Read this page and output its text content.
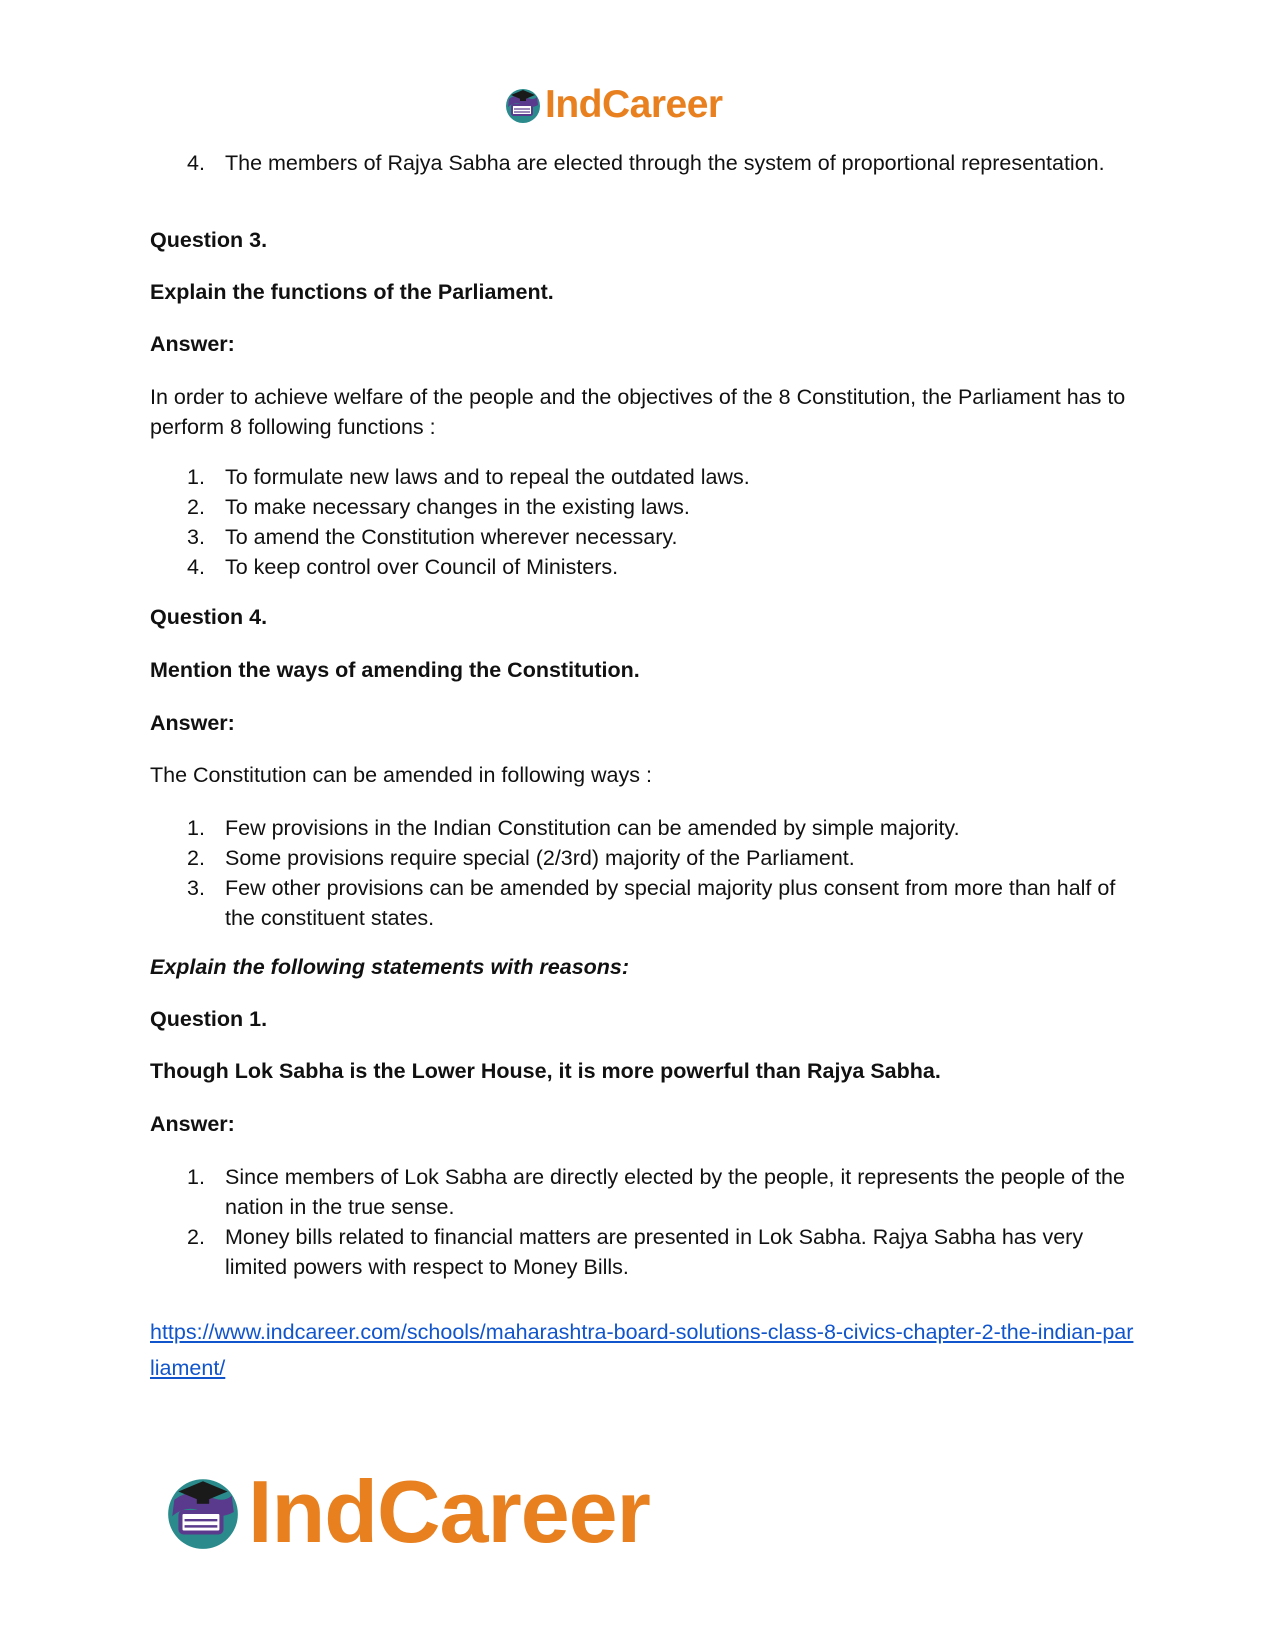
IndCareer
4. The members of Rajya Sabha are elected through the system of proportional representation.
Question 3.
Explain the functions of the Parliament.
Answer:
In order to achieve welfare of the people and the objectives of the 8 Constitution, the Parliament has to perform 8 following functions :
1. To formulate new laws and to repeal the outdated laws.
2. To make necessary changes in the existing laws.
3. To amend the Constitution wherever necessary.
4. To keep control over Council of Ministers.
Question 4.
Mention the ways of amending the Constitution.
Answer:
The Constitution can be amended in following ways :
1. Few provisions in the Indian Constitution can be amended by simple majority.
2. Some provisions require special (2/3rd) majority of the Parliament.
3. Few other provisions can be amended by special majority plus consent from more than half of the constituent states.
Explain the following statements with reasons:
Question 1.
Though Lok Sabha is the Lower House, it is more powerful than Rajya Sabha.
Answer:
1. Since members of Lok Sabha are directly elected by the people, it represents the people of the nation in the true sense.
2. Money bills related to financial matters are presented in Lok Sabha. Rajya Sabha has very limited powers with respect to Money Bills.
https://www.indcareer.com/schools/maharashtra-board-solutions-class-8-civics-chapter-2-the-indian-parliament/
IndCareer
